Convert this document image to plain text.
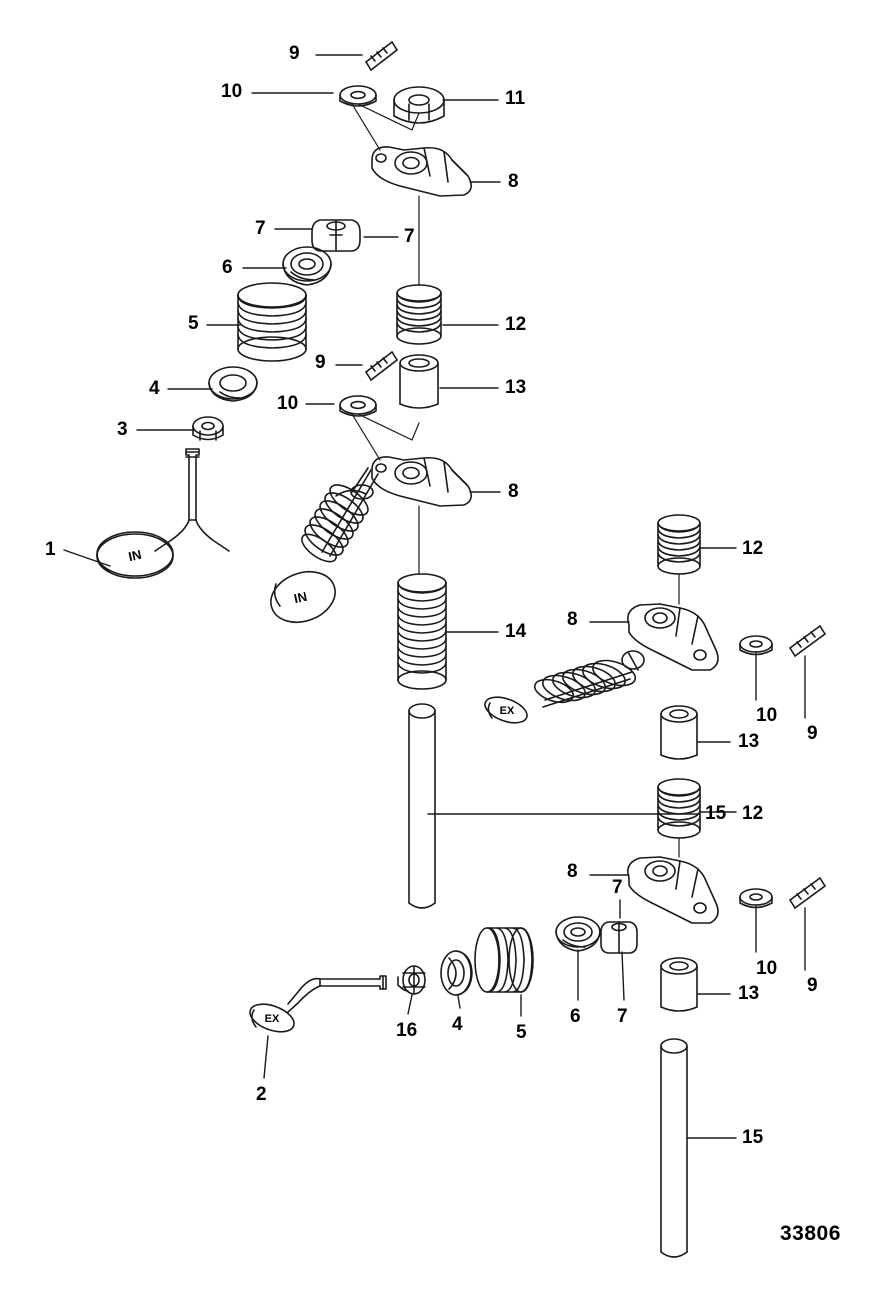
IN
IN
EX
EX
9
10	11
8
7	7
6
5	12
4
9
13
10
3
8
12
1
8
14
10
9
13
15 12
8
7
10
9
13
6 7
5
4
16
2
15
33806
